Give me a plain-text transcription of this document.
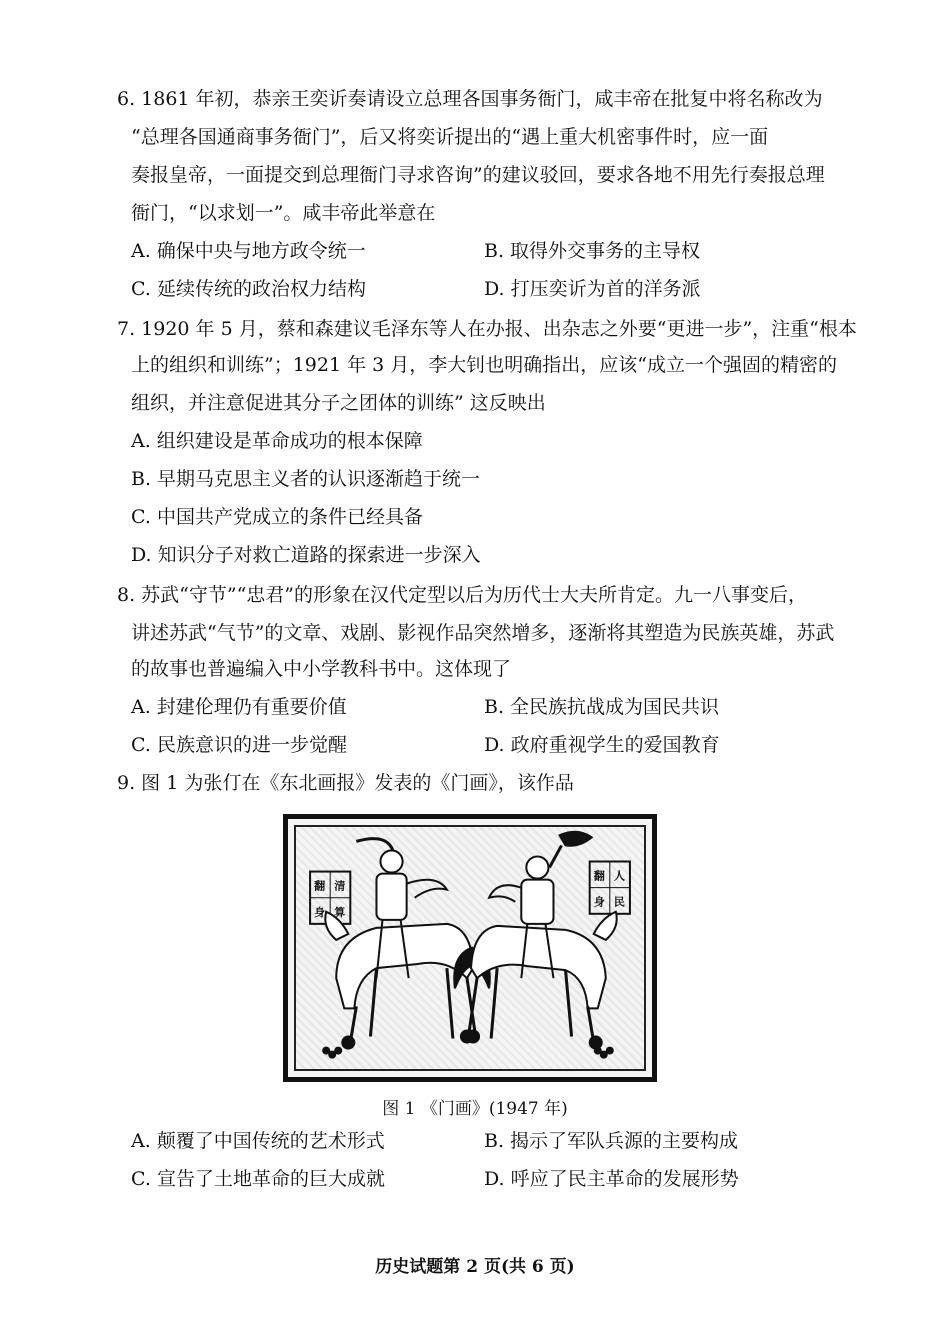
6. 1861 年初，恭亲王奕䜣奏请设立总理各国事务衙门，咸丰帝在批复中将名称改为
“总理各国通商事务衙门”，后又将奕䜣提出的“遇上重大机密事件时，应一面
奏报皇帝，一面提交到总理衙门寻求咨询”的建议驳回，要求各地不用先行奏报总理
衙门，“以求划一”。咸丰帝此举意在
A. 确保中央与地方政令统一	B. 取得外交事务的主导权
C. 延续传统的政治权力结构	D. 打压奕䜣为首的洋务派
7. 1920 年 5 月，蔡和森建议毛泽东等人在办报、出杂志之外要“更进一步”，注重“根本
上的组织和训练”；1921 年 3 月，李大钊也明确指出，应该“成立一个强固的精密的
组织，并注意促进其分子之团体的训练” 这反映出
A. 组织建设是革命成功的根本保障
B. 早期马克思主义者的认识逐渐趋于统一
C. 中国共产党成立的条件已经具备
D. 知识分子对救亡道路的探索进一步深入
8. 苏武“守节”“忠君”的形象在汉代定型以后为历代士大夫所肯定。九一八事变后，
讲述苏武“气节”的文章、戏剧、影视作品突然增多，逐渐将其塑造为民族英雄，苏武
的故事也普遍编入中小学教科书中。这体现了
A. 封建伦理仍有重要价值	B. 全民族抗战成为国民共识
C. 民族意识的进一步觉醒	D. 政府重视学生的爱国教育
9. 图 1 为张仃在《东北画报》发表的《门画》，该作品
清
算
翻
身
人
民
翻
身
图 1 《门画》(1947 年)
A. 颠覆了中国传统的艺术形式	B. 揭示了军队兵源的主要构成
C. 宣告了土地革命的巨大成就	D. 呼应了民主革命的发展形势
历史试题第 2 页(共 6 页)
